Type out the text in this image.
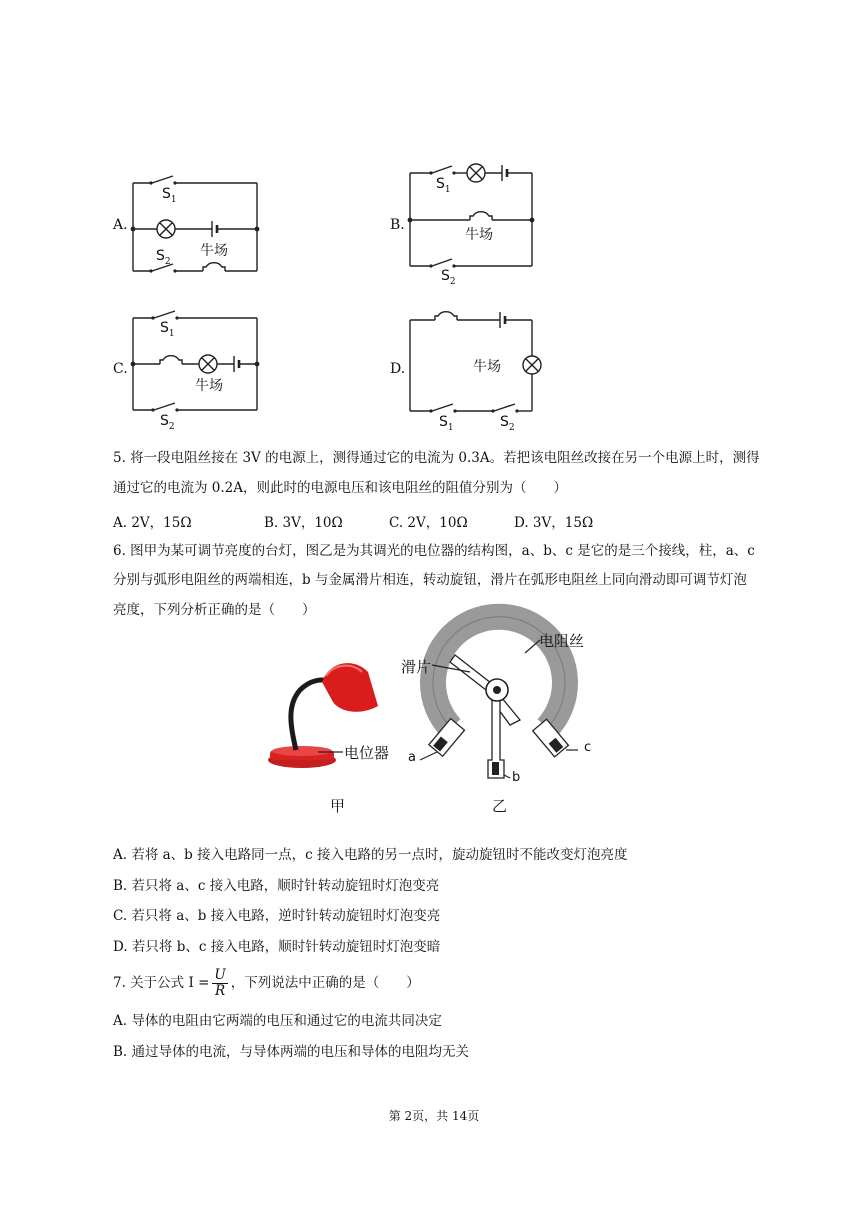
A.
$S_1$
牛场
$S_2$
B.
$S_1$
牛场
$S_2$
C.
$S_1$
牛场
$S_2$
D.	牛场
$S_1$	$S_2$
5. 将一段电阻丝接在 3V 的电源上，测得通过它的电流为 0.3A。若把该电阻丝改接在另一个电源上时，测得
通过它的电流为 0.2A，则此时的电源电压和该电阻丝的阻值分别为（　　）
A. 2V，15Ω	B. 3V，10Ω	C. 2V，10Ω	D. 3V，15Ω
6. 图甲为某可调节亮度的台灯，图乙是为其调光的电位器的结构图，a、b、c 是它的是三个接线，柱，a、c
分别与弧形电阻丝的两端相连，b 与金属滑片相连，转动旋钮，滑片在弧形电阻丝上同向滑动即可调节灯泡
亮度，下列分析正确的是（　　）
电位器
甲
电阻丝
滑片
a
b
c
乙
A. 若将 a、b 接入电路同一点，c 接入电路的另一点时，旋动旋钮时不能改变灯泡亮度
B. 若只将 a、c 接入电路，顺时针转动旋钮时灯泡变亮
C. 若只将 a、b 接入电路，逆时针转动旋钮时灯泡变亮
D. 若只将 b、c 接入电路，顺时针转动旋钮时灯泡变暗
7. 关于公式 $I = \frac{U}{R}$ ，下列说法中正确的是（　　）
A. 导体的电阻由它两端的电压和通过它的电流共同决定
B. 通过导体的电流，与导体两端的电压和导体的电阻均无关
第 2页，共 14页
